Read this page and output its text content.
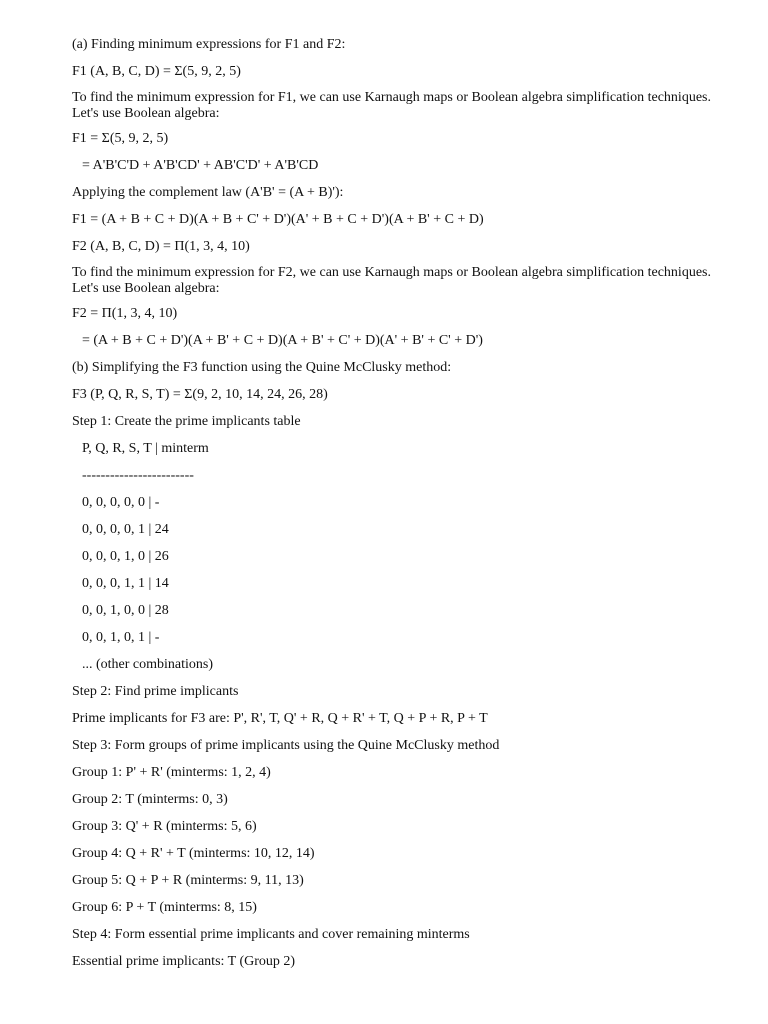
(a) Finding minimum expressions for F1 and F2:

F1 (A, B, C, D) = Σ(5, 9, 2, 5)

To find the minimum expression for F1, we can use Karnaugh maps or Boolean algebra simplification techniques. Let's use Boolean algebra:

F1 = Σ(5, 9, 2, 5)

= A'B'C'D + A'B'CD' + AB'C'D' + A'B'CD

Applying the complement law (A'B' = (A + B)'):

F1 = (A + B + C + D)(A + B + C' + D')(A' + B + C + D')(A + B' + C + D)

F2 (A, B, C, D) = Π(1, 3, 4, 10)

To find the minimum expression for F2, we can use Karnaugh maps or Boolean algebra simplification techniques. Let's use Boolean algebra:

F2 = Π(1, 3, 4, 10)

= (A + B + C + D')(A + B' + C + D)(A + B' + C' + D)(A' + B' + C' + D')

(b) Simplifying the F3 function using the Quine McClusky method:

F3 (P, Q, R, S, T) = Σ(9, 2, 10, 14, 24, 26, 28)

Step 1: Create the prime implicants table

P, Q, R, S, T | minterm

------------------------

0, 0, 0, 0, 0 | -

0, 0, 0, 0, 1 | 24

0, 0, 0, 1, 0 | 26

0, 0, 0, 1, 1 | 14

0, 0, 1, 0, 0 | 28

0, 0, 1, 0, 1 | -

... (other combinations)

Step 2: Find prime implicants

Prime implicants for F3 are: P', R', T, Q' + R, Q + R' + T, Q + P + R, P + T

Step 3: Form groups of prime implicants using the Quine McClusky method

Group 1: P' + R' (minterms: 1, 2, 4)

Group 2: T (minterms: 0, 3)

Group 3: Q' + R (minterms: 5, 6)

Group 4: Q + R' + T (minterms: 10, 12, 14)

Group 5: Q + P + R (minterms: 9, 11, 13)

Group 6: P + T (minterms: 8, 15)

Step 4: Form essential prime implicants and cover remaining minterms

Essential prime implicants: T (Group 2)
